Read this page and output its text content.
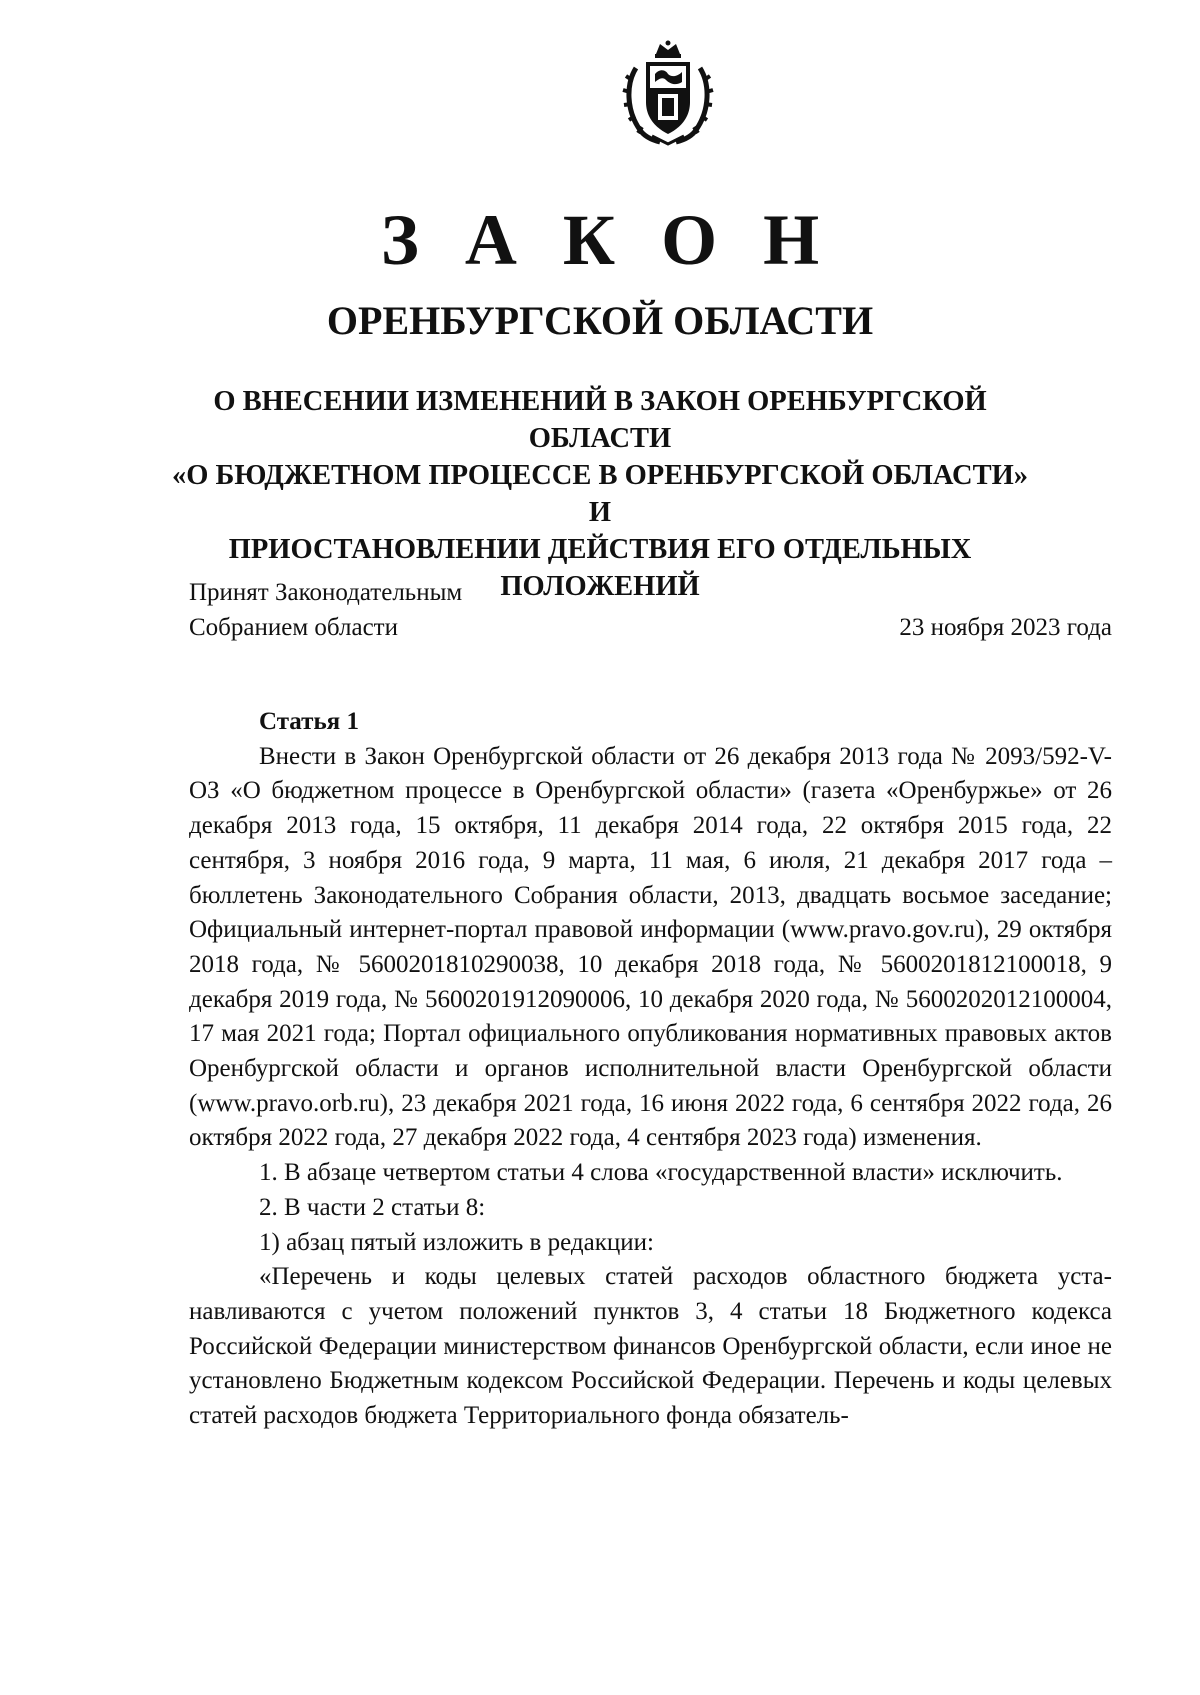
З А К О Н
ОРЕНБУРГСКОЙ ОБЛАСТИ
О ВНЕСЕНИИ ИЗМЕНЕНИЙ В ЗАКОН ОРЕНБУРГСКОЙ ОБЛАСТИ
«О БЮДЖЕТНОМ ПРОЦЕССЕ В ОРЕНБУРГСКОЙ ОБЛАСТИ» И
ПРИОСТАНОВЛЕНИИ ДЕЙСТВИЯ ЕГО ОТДЕЛЬНЫХ
ПОЛОЖЕНИЙ
Принят Законодательным
Собранием области	23 ноября 2023 года
Статья 1

Внести в Закон Оренбургской области от 26 декабря 2013 года № 2093/592-V-ОЗ «О бюджетном процессе в Оренбургской области» (газета «Оренбуржье» от 26 декабря 2013 года, 15 октября, 11 декабря 2014 года, 22 октября 2015 года, 22 сентября, 3 ноября 2016 года, 9 марта, 11 мая, 6 июля, 21 декабря 2017 года – бюллетень Законодательного Собрания области, 2013, двадцать восьмое заседание; Официальный интернет-портал правовой информации (www.pravo.gov.ru), 29 октября 2018 года, № 5600201810290038, 10 декабря 2018 года, № 5600201812100018, 9 декабря 2019 года, № 5600201912090006, 10 декабря 2020 года, № 5600202012100004, 17 мая 2021 года; Портал официального опубликования нормативных правовых актов Оренбургской области и органов исполнительной власти Оренбургской области (www.pravo.orb.ru), 23 декабря 2021 года, 16 июня 2022 года, 6 сентября 2022 года, 26 октября 2022 года, 27 декабря 2022 года, 4 сентября 2023 года) изменения.

1. В абзаце четвертом статьи 4 слова «государственной власти» исключить.

2. В части 2 статьи 8:

1) абзац пятый изложить в редакции:

«Перечень и коды целевых статей расходов областного бюджета устанавливаются с учетом положений пунктов 3, 4 статьи 18 Бюджетного кодекса Российской Федерации министерством финансов Оренбургской области, если иное не установлено Бюджетным кодексом Российской Федерации. Перечень и коды целевых статей расходов бюджета Территориального фонда обязатель-
